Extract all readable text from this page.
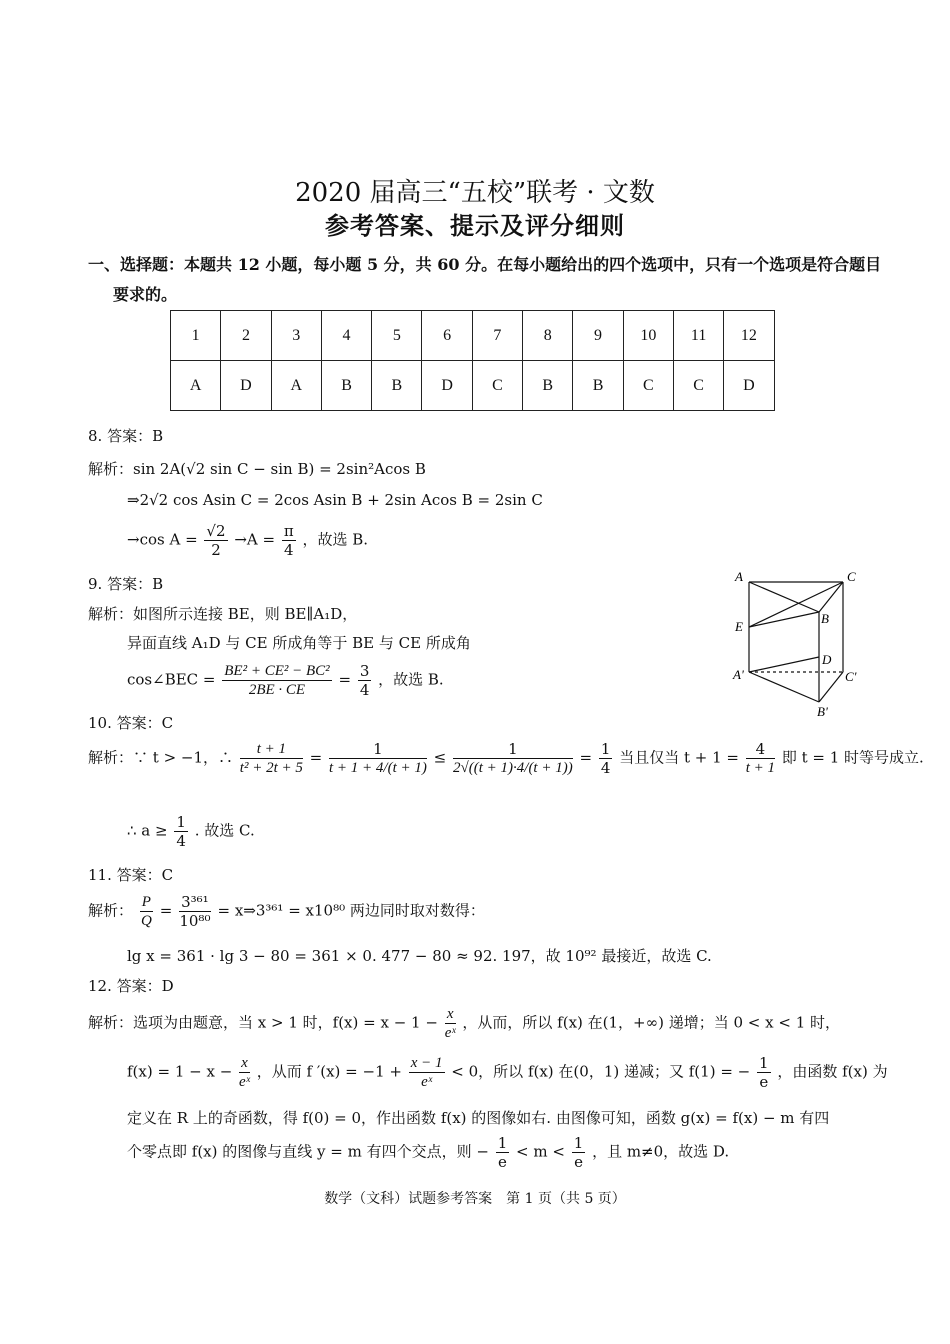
2020 届高三“五校”联考 · 文数
参考答案、提示及评分细则
一、选择题：本题共 12 小题，每小题 5 分，共 60 分。在每小题给出的四个选项中，只有一个选项是符合题目
要求的。
1	2	3	4	5	6	7	8	9	10	11	12
A	D	A	B	B	D	C	B	B	C	C	D
8. 答案：B
解析：sin 2A(√2 sin C − sin B) = 2sin²Acos B
⇒2√2 cos Asin C = 2cos Asin B + 2sin Acos B = 2sin C
→cos $A = \frac{√2}{2} \to A = \frac{\pi}{4}$ ，故选 B.
9. 答案：B
解析：如图所示连接 BE，则 BE∥A₁D，
异面直线 A₁D 与 CE 所成角等于 BE 与 CE 所成角
cos∠BEC = $\frac{\text{BE² + CE² − BC²}}{2BE \cdot CE} = \frac{3}{4}$ ，故选 B.
A	C
E
B
D
A'	C'
B'
10. 答案：C
解析：∵ t > −1，∴ $\frac{t + 1}{\text{t² + 2t + 5}} = \frac{1}{t + 1 + 4/(t + 1)} \le \frac{1}{2√((t + 1)\cdot 4/(t + 1))} = \frac{1}{4}$ 当且仅当 $t + 1 = \frac{4}{t + 1}$ 即 t = 1 时等号成立.
∴ $a \ge \frac{1}{4}$ . 故选 C.
11. 答案：C
解析： $\frac{P}{Q} = \frac{\text{3³⁶¹}}{\text{10⁸⁰}}$ = x⇒3³⁶¹ = x10⁸⁰ 两边同时取对数得：
lg x = 361 · lg 3 − 80 = 361 × 0. 477 − 80 ≈ 92. 197，故 10⁹² 最接近，故选 C.
12. 答案：D
解析：选项为由题意，当 x > 1 时，$f(x) = x - 1 - \frac{x}{\text{eˣ}}$ ，从而，所以 f(x) 在(1，+∞) 递增；当 0 < x < 1 时，
$f(x) = 1 - x - \frac{x}{\text{eˣ}}$ ，从而 f $'(x) = -1 + \frac{x - 1}{\text{eˣ}} < 0$，所以 f(x) 在(0，1) 递减；又 f(1) = − $\frac{1}{e}$ ，由函数 f(x) 为
定义在 R 上的奇函数，得 f(0) = 0，作出函数 f(x) 的图像如右. 由图像可知，函数 g(x) = f(x) − m 有四
个零点即 f(x) 的图像与直线 y = m 有四个交点，则 − $\frac{1}{e} < m < \frac{1}{e}$ ，且 m≠0，故选 D.
数学（文科）试题参考答案　第 1 页（共 5 页）
